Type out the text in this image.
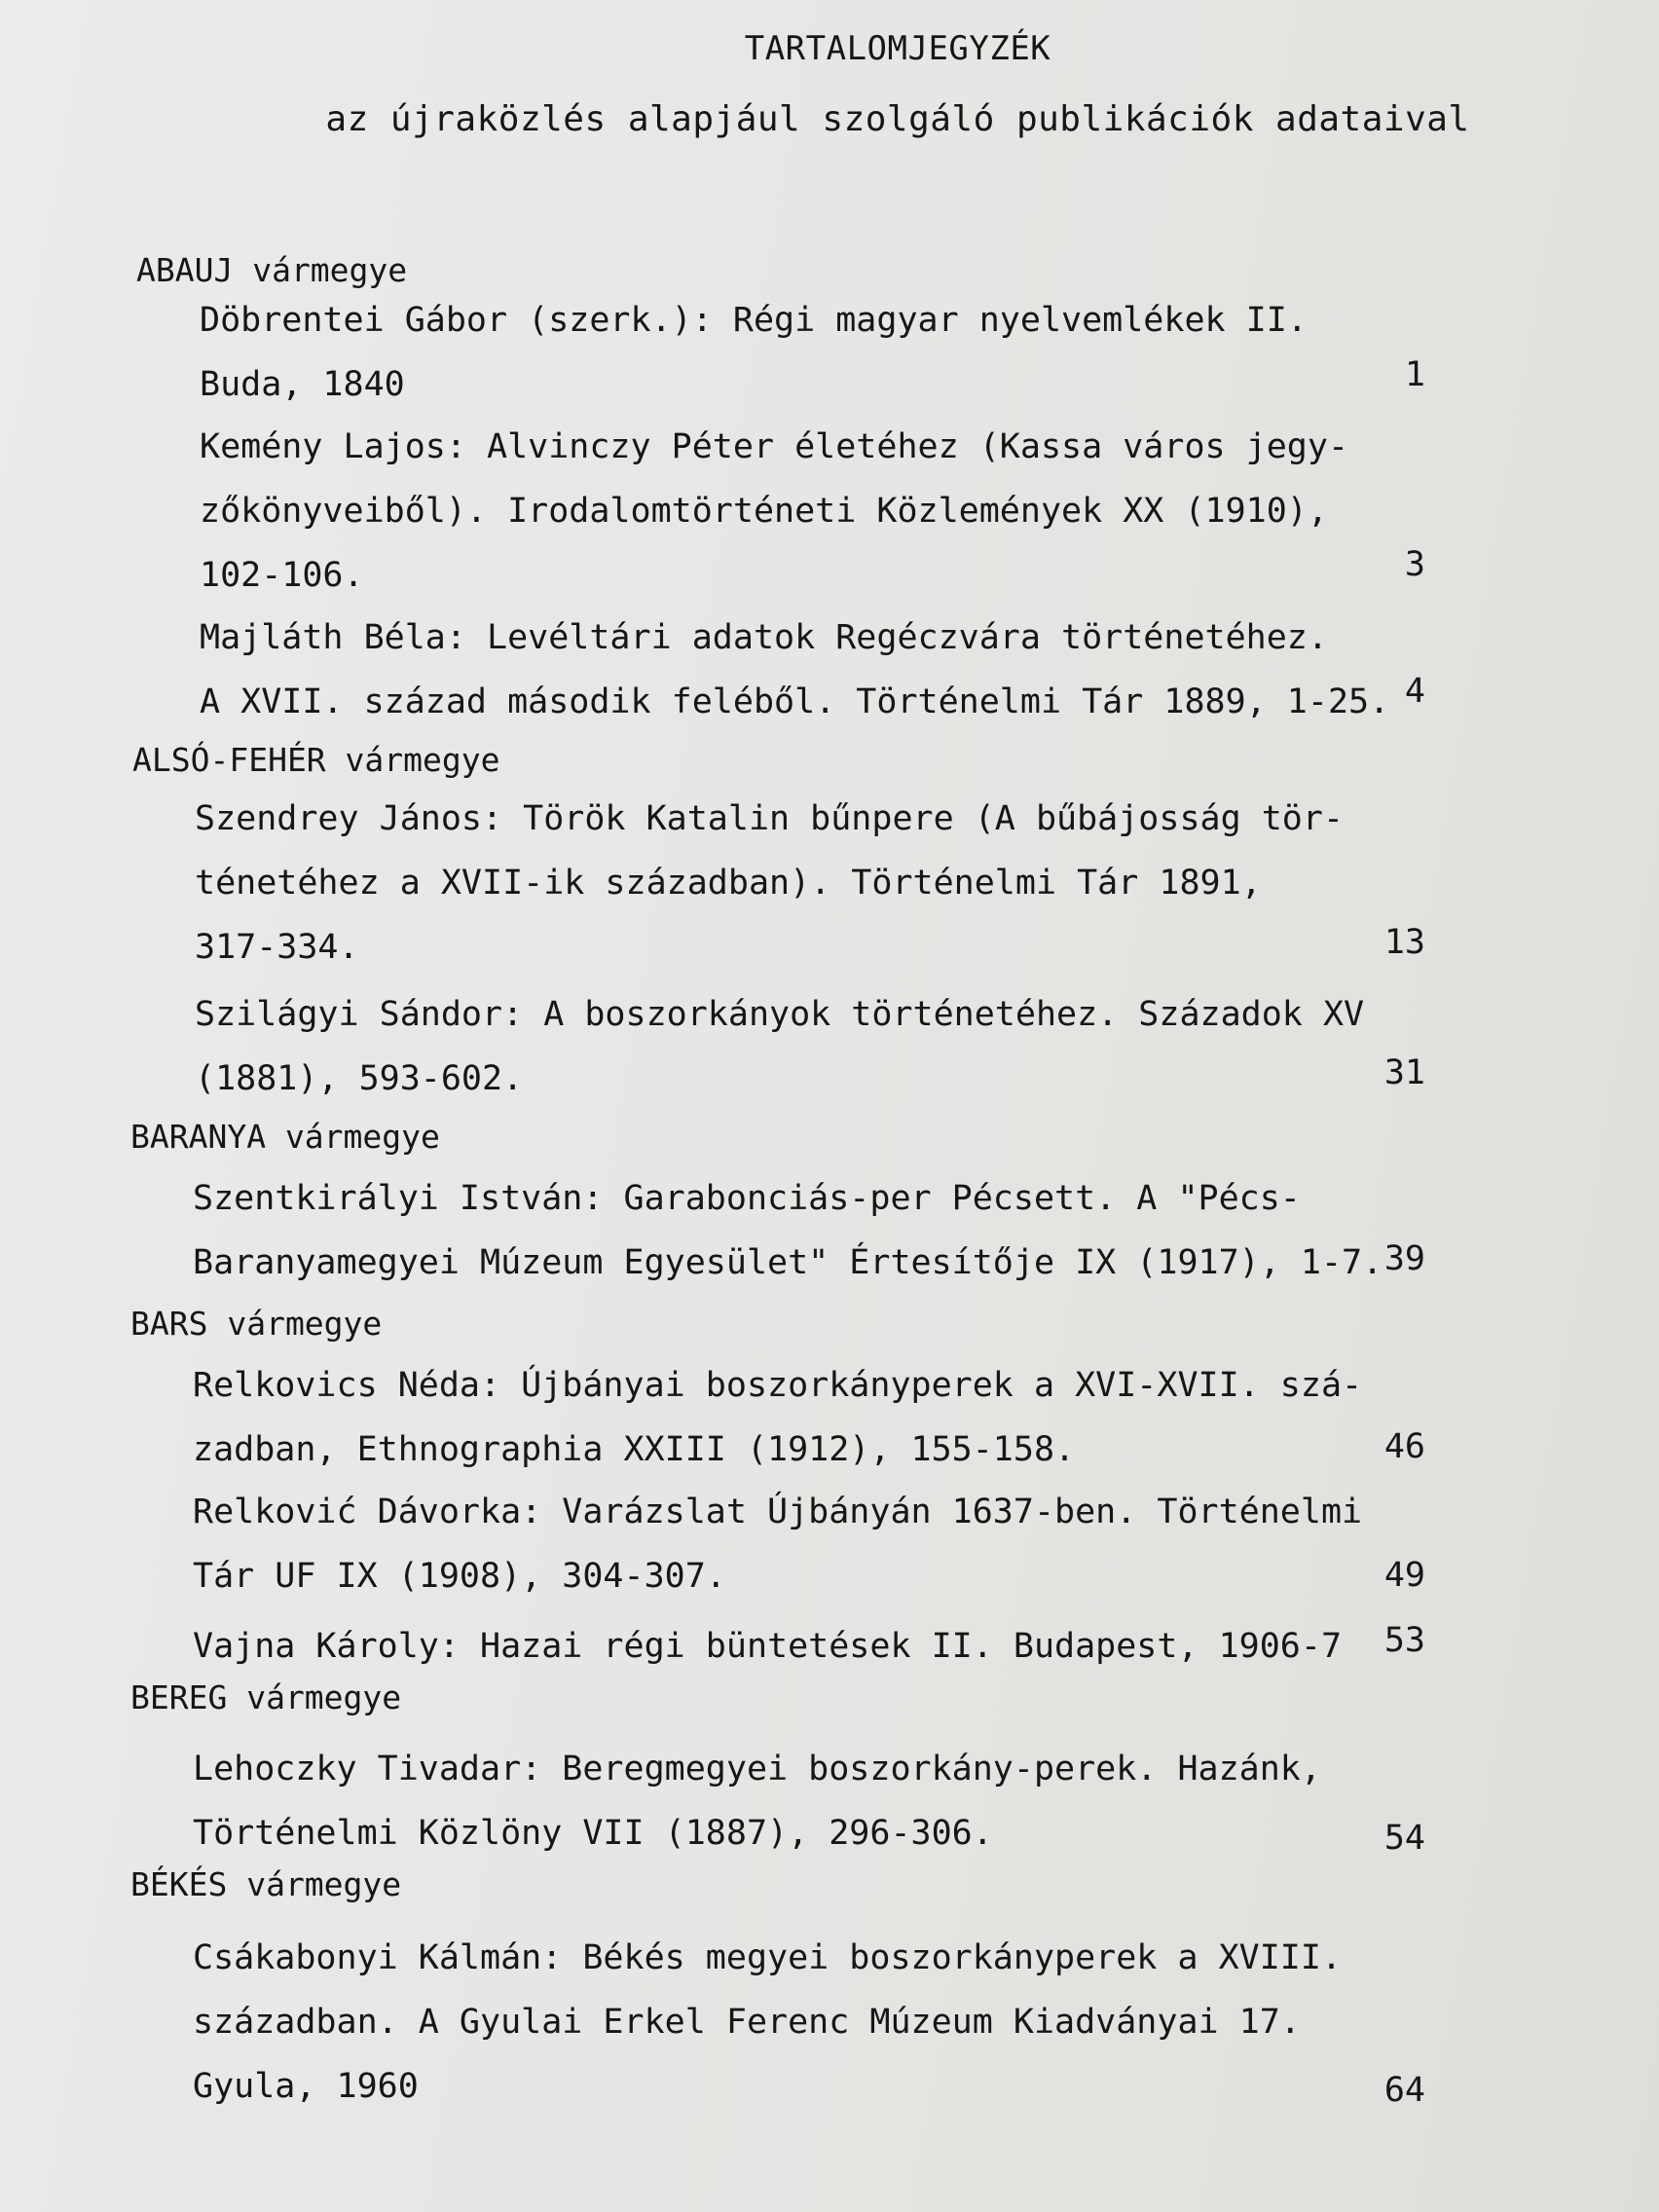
TARTALOMJEGYZÉK
az újraközlés alapjául szolgáló publikációk adataival
ABAUJ vármegye
Döbrentei Gábor (szerk.): Régi magyar nyelvemlékek II.
Buda, 1840	1
Kemény Lajos: Alvinczy Péter életéhez (Kassa város jegy-
zőkönyveiből). Irodalomtörténeti Közlemények XX (1910),
102-106.	3
Majláth Béla: Levéltári adatok Regéczvára történetéhez.
A XVII. század második feléből. Történelmi Tár 1889, 1-25. 4
ALSÓ-FEHÉR vármegye
Szendrey János: Török Katalin bűnpere (A bűbájosság tör-
ténetéhez a XVII-ik században). Történelmi Tár 1891,
317-334.	13
Szilágyi Sándor: A boszorkányok történetéhez. Századok XV
(1881), 593-602.	31
BARANYA vármegye
Szentkirályi István: Garabonciás-per Pécsett. A "Pécs-
Baranyamegyei Múzeum Egyesület" Értesítője IX (1917), 1-7. 39
BARS vármegye
Relkovics Néda: Újbányai boszorkányperek a XVI-XVII. szá-
zadban, Ethnographia XXIII (1912), 155-158.	46
Relković Dávorka: Varázslat Újbányán 1637-ben. Történelmi
Tár UF IX (1908), 304-307.	49
Vajna Károly: Hazai régi büntetések II. Budapest, 1906-7	53
BEREG vármegye
Lehoczky Tivadar: Beregmegyei boszorkány-perek. Hazánk,
Történelmi Közlöny VII (1887), 296-306.	54
BÉKÉS vármegye
Csákabonyi Kálmán: Békés megyei boszorkányperek a XVIII.
században. A Gyulai Erkel Ferenc Múzeum Kiadványai 17.
Gyula, 1960	64
